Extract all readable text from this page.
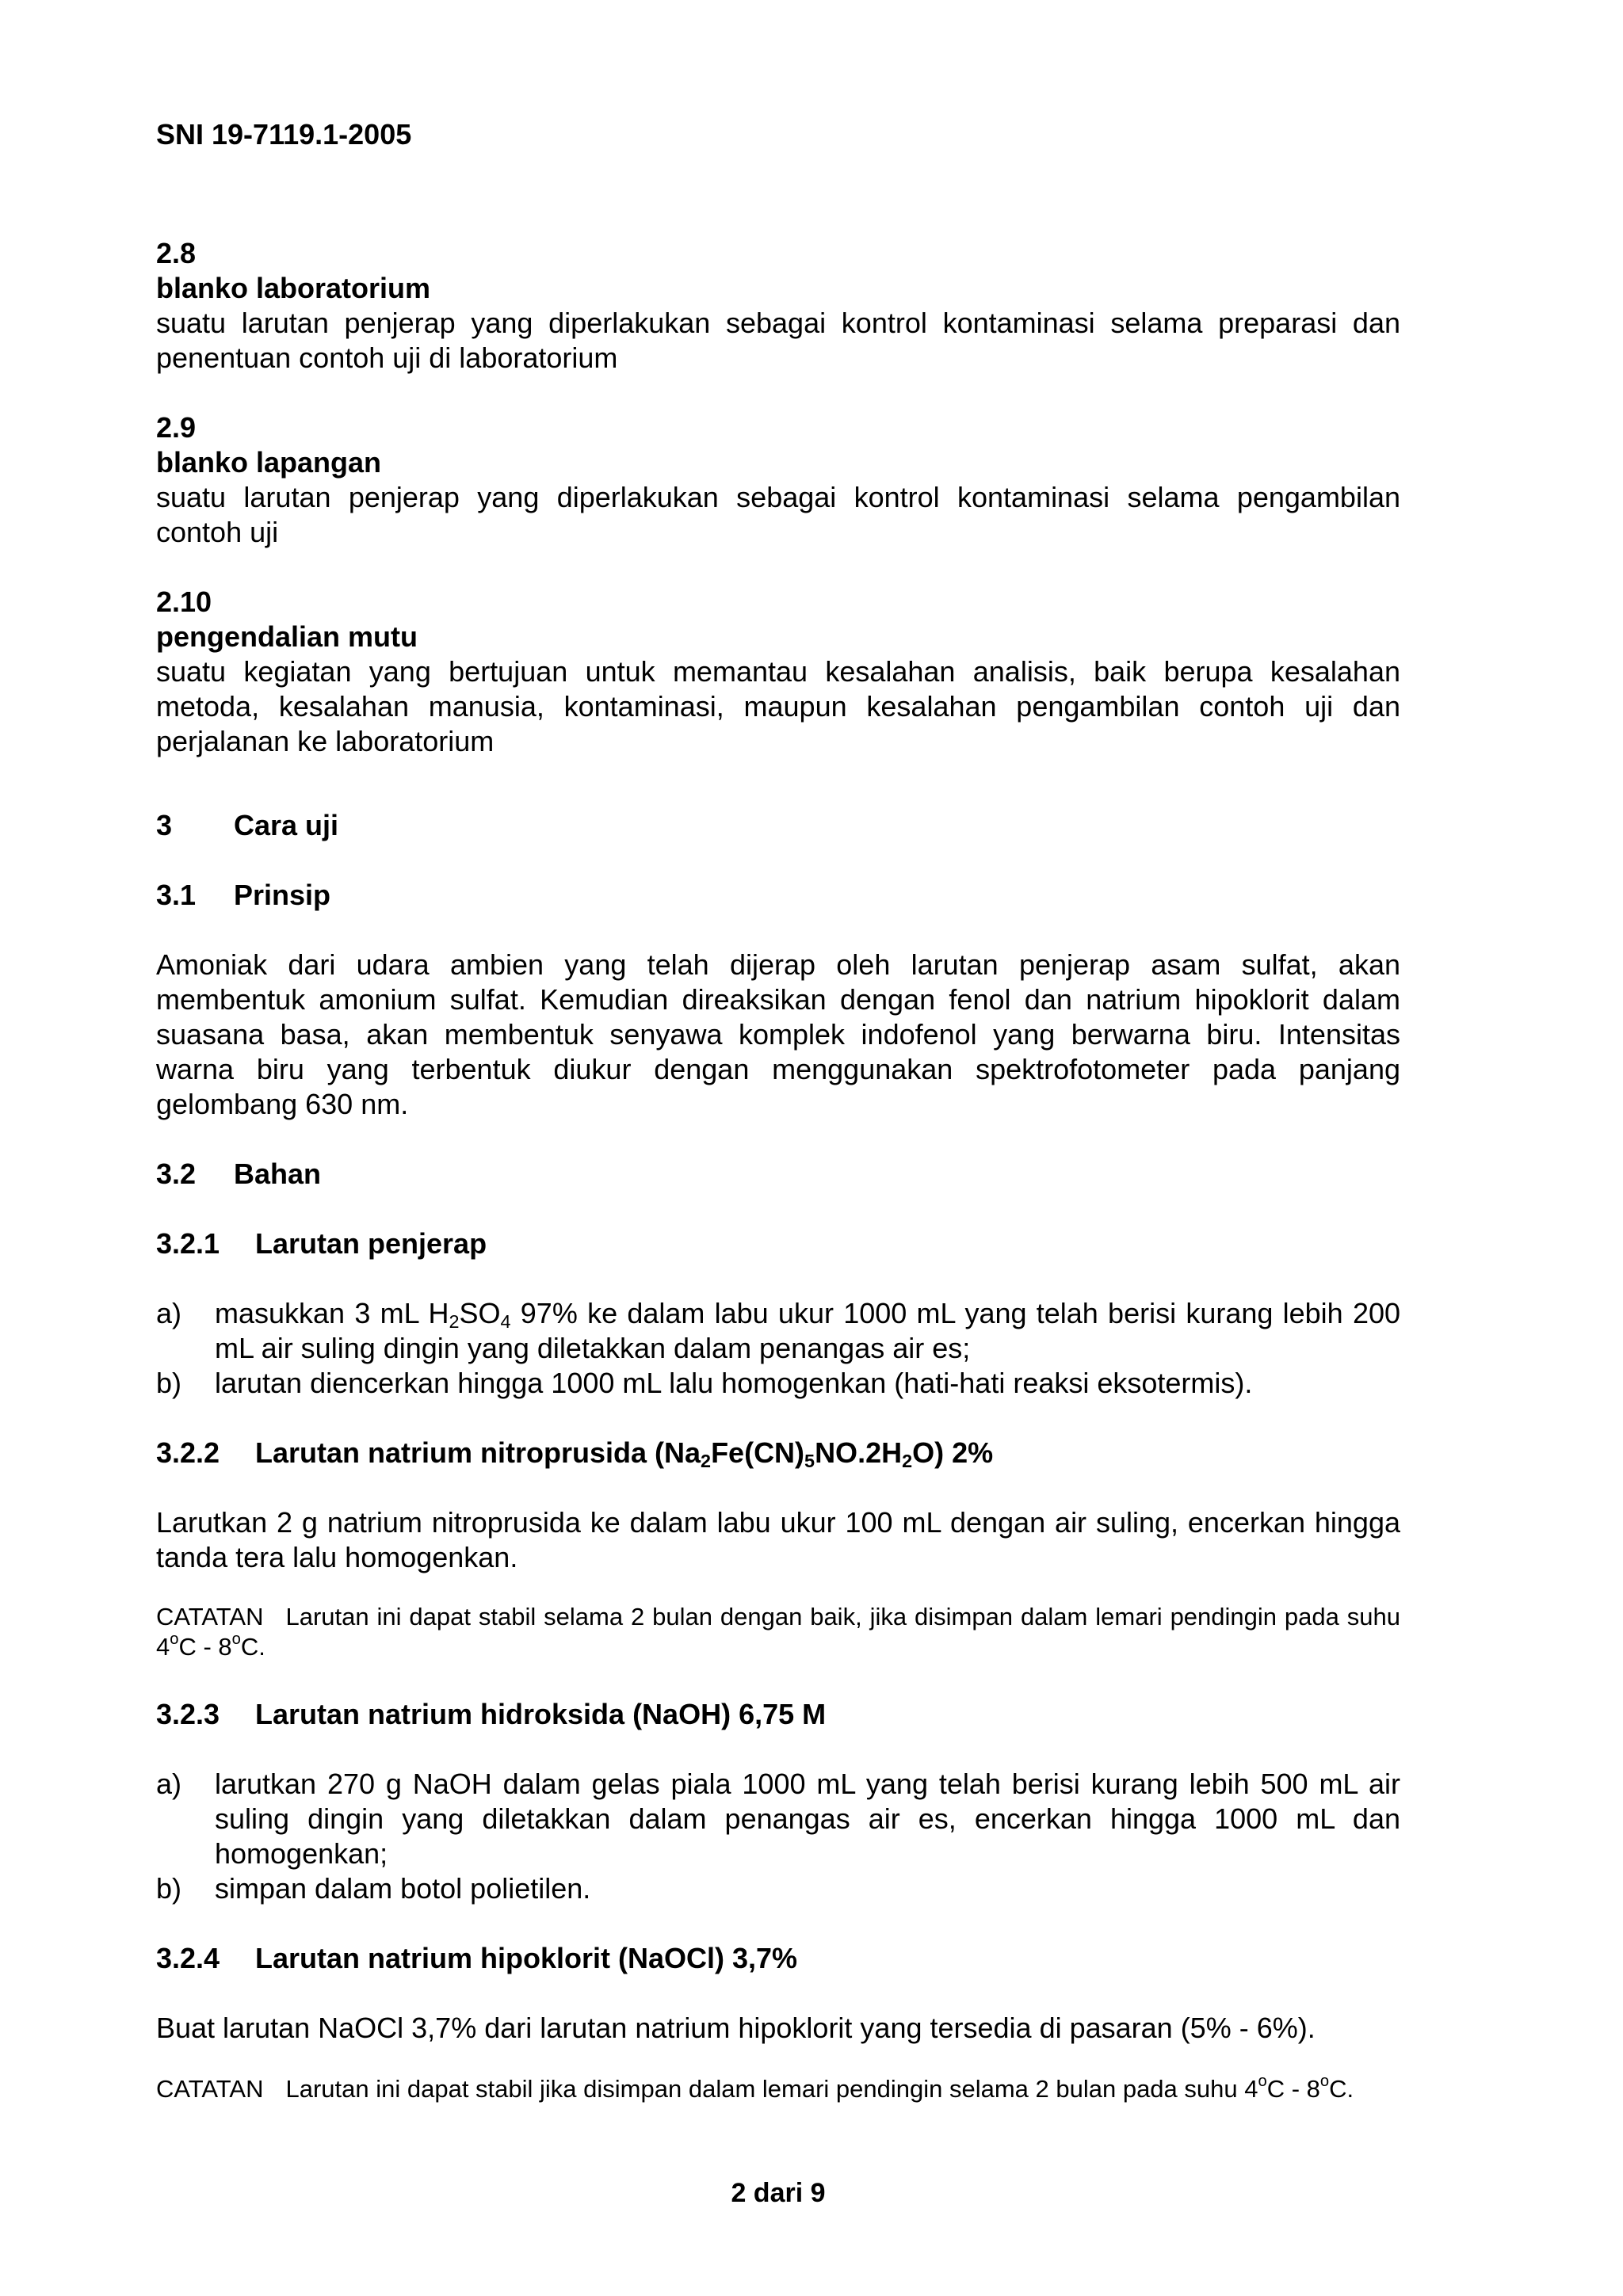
SNI 19-7119.1-2005
2.8
blanko laboratorium
suatu larutan penjerap yang diperlakukan sebagai kontrol kontaminasi selama preparasi dan penentuan contoh uji di laboratorium
2.9
blanko lapangan
suatu larutan penjerap yang diperlakukan sebagai kontrol kontaminasi selama pengambilan contoh uji
2.10
pengendalian mutu
suatu kegiatan yang bertujuan untuk memantau kesalahan analisis, baik berupa kesalahan metoda, kesalahan manusia, kontaminasi, maupun kesalahan pengambilan contoh uji dan perjalanan ke laboratorium
3	Cara uji
3.1	Prinsip
Amoniak dari udara ambien yang telah dijerap oleh larutan penjerap asam sulfat, akan membentuk amonium sulfat. Kemudian direaksikan dengan fenol dan natrium hipoklorit dalam suasana basa, akan membentuk senyawa komplek indofenol yang berwarna biru. Intensitas warna biru yang terbentuk diukur dengan menggunakan spektrofotometer pada panjang gelombang 630 nm.
3.2	Bahan
3.2.1	Larutan penjerap
a)	masukkan 3 mL $H_2SO_4$ 97% ke dalam labu ukur 1000 mL yang telah berisi kurang lebih 200 mL air suling dingin yang diletakkan dalam penangas air es;
b)	larutan diencerkan hingga 1000 mL lalu homogenkan (hati-hati reaksi eksotermis).
3.2.2	Larutan natrium nitroprusida $(Na_2Fe(CN)_5NO.2H_2O)$ 2%
Larutkan 2 g natrium nitroprusida ke dalam labu ukur 100 mL dengan air suling, encerkan hingga tanda tera lalu homogenkan.
CATATAN Larutan ini dapat stabil selama 2 bulan dengan baik, jika disimpan dalam lemari pendingin pada suhu 4$^o$C - 8$^o$C.
3.2.3	Larutan natrium hidroksida (NaOH) 6,75 M
a)	larutkan 270 g NaOH dalam gelas piala 1000 mL yang telah berisi kurang lebih 500 mL air suling dingin yang diletakkan dalam penangas air es, encerkan hingga 1000 mL dan homogenkan;
b)	simpan dalam botol polietilen.
3.2.4	Larutan natrium hipoklorit (NaOCl) 3,7%
Buat larutan NaOCl 3,7% dari larutan natrium hipoklorit yang tersedia di pasaran (5% - 6%).
CATATAN Larutan ini dapat stabil jika disimpan dalam lemari pendingin selama 2 bulan pada suhu 4$^o$C - 8$^o$C.
2 dari 9
